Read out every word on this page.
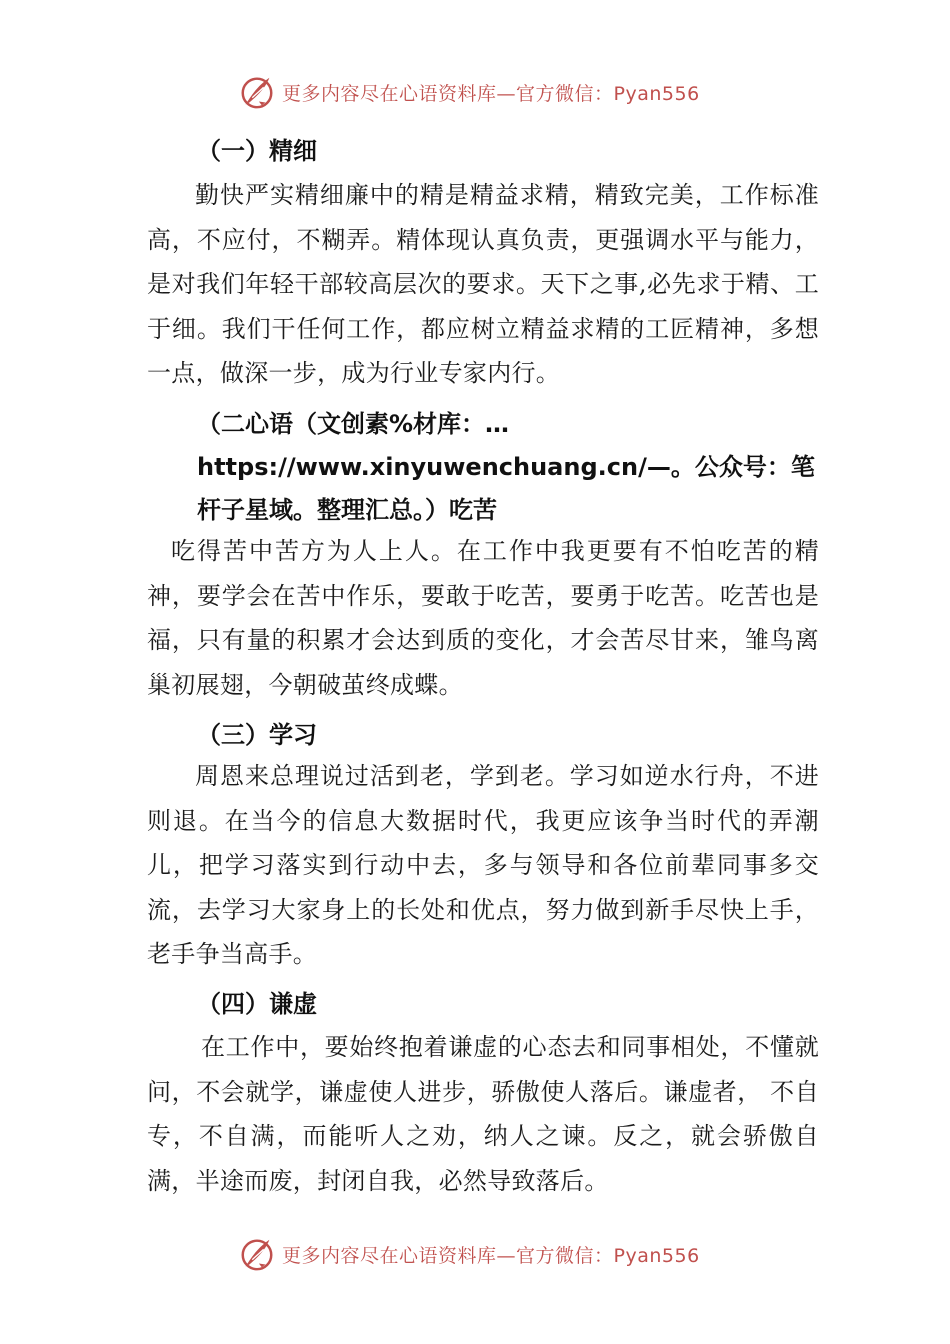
更多内容尽在心语资料库—官方微信：Pyan556
（一）精细
勤快严实精细廉中的精是精益求精，精致完美，工作标准高，不应付，不糊弄。精体现认真负责，更强调水平与能力，是对我们年轻干部较高层次的要求。天下之事,必先求于精、工于细。我们干任何工作，都应树立精益求精的工匠精神，多想一点，做深一步，成为行业专家内行。
（二心语（文创素%材库：…https://www.xinyuwenchuang.cn/—。公众号：笔杆子星域。整理汇总。）吃苦
吃得苦中苦方为人上人。在工作中我更要有不怕吃苦的精神，要学会在苦中作乐，要敢于吃苦，要勇于吃苦。吃苦也是福，只有量的积累才会达到质的变化，才会苦尽甘来，雏鸟离巢初展翅，今朝破茧终成蝶。
（三）学习
周恩来总理说过活到老，学到老。学习如逆水行舟，不进则退。在当今的信息大数据时代，我更应该争当时代的弄潮儿，把学习落实到行动中去，多与领导和各位前辈同事多交流，去学习大家身上的长处和优点，努力做到新手尽快上手，老手争当高手。
（四）谦虚
在工作中，要始终抱着谦虚的心态去和同事相处，不懂就问，不会就学，谦虚使人进步，骄傲使人落后。谦虚者， 不自专，不自满，而能听人之劝，纳人之谏。反之，就会骄傲自满，半途而废，封闭自我，必然导致落后。
更多内容尽在心语资料库—官方微信：Pyan556
